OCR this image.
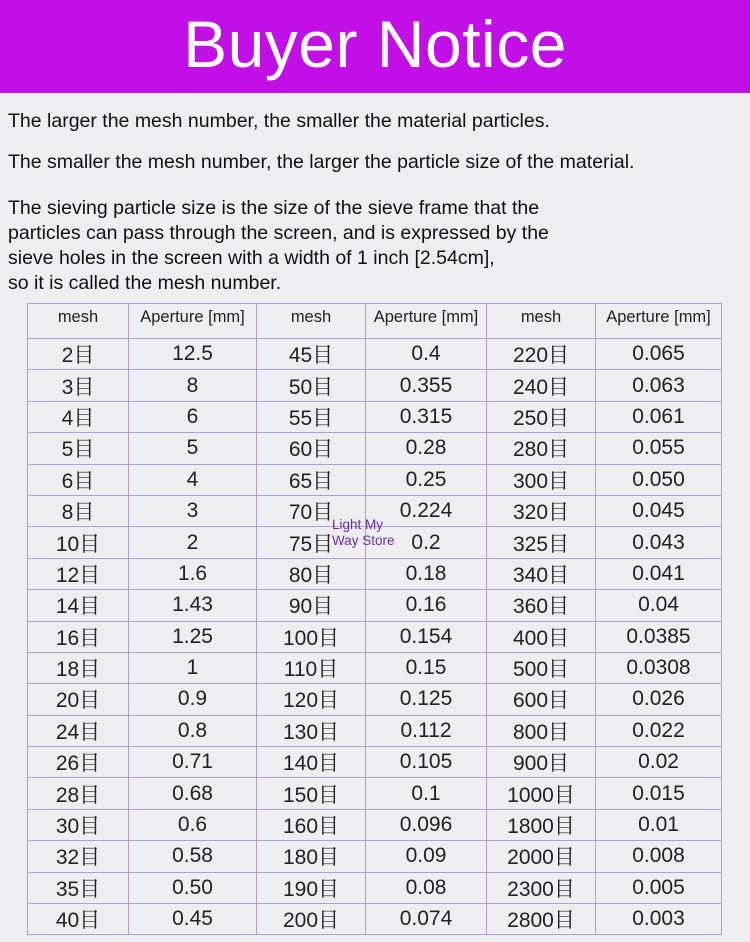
Buyer Notice
The larger the mesh number, the smaller the material particles.
The smaller the mesh number, the larger the particle size of the material.
The sieving particle size is the size of the sieve frame that the
particles can pass through the screen, and is expressed by the
sieve holes in the screen with a width of 1 inch [2.54cm],
so it is called the mesh number.
mesh	Aperture [mm]	mesh	Aperture [mm]	mesh	Aperture [mm]
2目	12.5	45目	0.4	220目	0.065
3目	8	50目	0.355	240目	0.063
4目	6	55目	0.315	250目	0.061
5目	5	60目	0.28	280目	0.055
6目	4	65目	0.25	300目	0.050
8目	3	70目	0.224	320目	0.045
10目	2	75目	0.2	325目	0.043
12目	1.6	80目	0.18	340目	0.041
14目	1.43	90目	0.16	360目	0.04
16目	1.25	100目	0.154	400目	0.0385
18目	1	110目	0.15	500目	0.0308
20目	0.9	120目	0.125	600目	0.026
24目	0.8	130目	0.112	800目	0.022
26目	0.71	140目	0.105	900目	0.02
28目	0.68	150目	0.1	1000目	0.015
30目	0.6	160目	0.096	1800目	0.01
32目	0.58	180目	0.09	2000目	0.008
35目	0.50	190目	0.08	2300目	0.005
40目	0.45	200目	0.074	2800目	0.003
Light My
Way Store
